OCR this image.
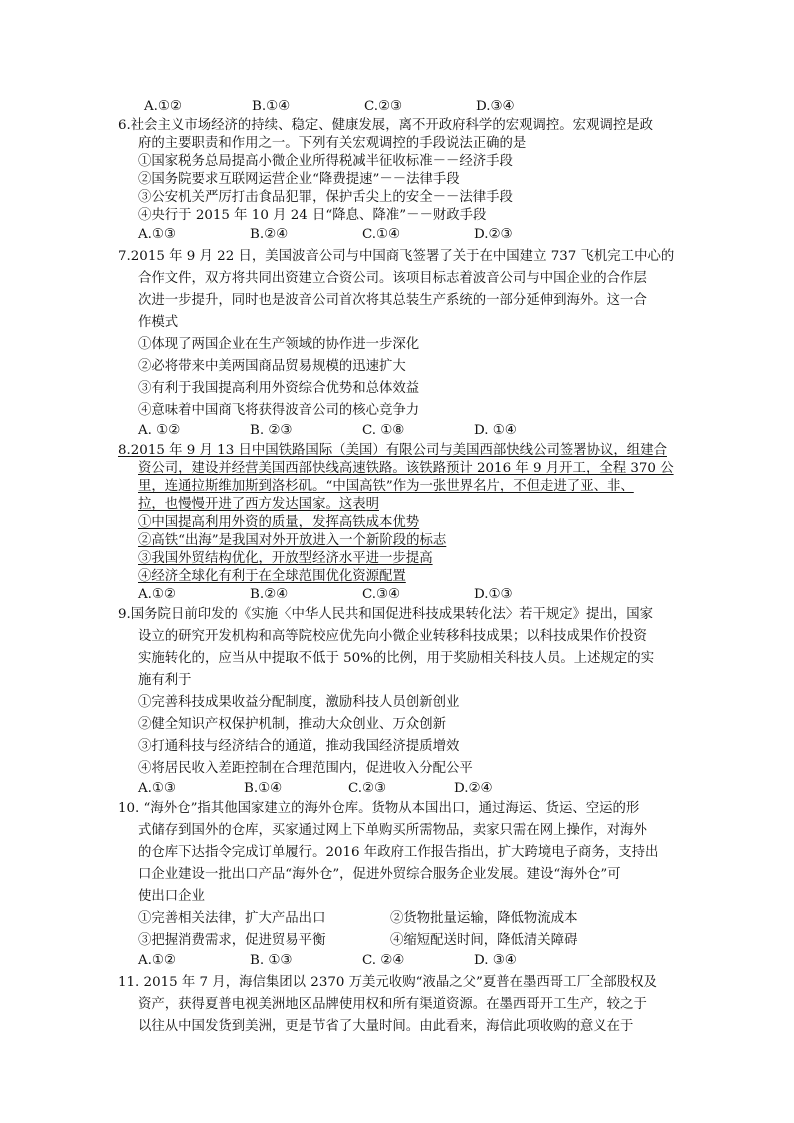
A.①②	B.①④	C.②③	D.③④
6.社会主义市场经济的持续、稳定、健康发展，离不开政府科学的宏观调控。宏观调控是政
府的主要职责和作用之一。下列有关宏观调控的手段说法正确的是
①国家税务总局提高小微企业所得税减半征收标准－－经济手段
②国务院要求互联网运营企业“降费提速”－－法律手段
③公安机关严厉打击食品犯罪，保护舌尖上的安全－－法律手段
④央行于 2015 年 10 月 24 日“降息、降准”－－财政手段
A.①③	B.②④	C.①④	D.②③
7.2015 年 9 月 22 日，美国波音公司与中国商飞签署了关于在中国建立 737 飞机完工中心的
合作文件，双方将共同出资建立合资公司。该项目标志着波音公司与中国企业的合作层
次进一步提升，同时也是波音公司首次将其总装生产系统的一部分延伸到海外。这一合
作模式
①体现了两国企业在生产领域的协作进一步深化
②必将带来中美两国商品贸易规模的迅速扩大
③有利于我国提高利用外资综合优势和总体效益
④意味着中国商飞将获得波音公司的核心竞争力
A. ①②	B. ②③	C. ①⑧	D. ①④
8.2015 年 9 月 13 日中国铁路国际（美国）有限公司与美国西部快线公司签署协议，组建合
资公司，建设并经营美国西部快线高速铁路。该铁路预计 2016 年 9 月开工，全程 370 公
里，连通拉斯维加斯到洛杉矶。“中国高铁”作为一张世界名片，不但走进了亚、非、
拉，也慢慢开进了西方发达国家。这表明
①中国提高利用外资的质量，发挥高铁成本优势
②高铁“出海”是我国对外开放进入一个新阶段的标志
③我国外贸结构优化，开放型经济水平进一步提高
④经济全球化有利于在全球范围优化资源配置
A.①②	B.②④	C.③④	D.①③
9.国务院日前印发的《实施〈中华人民共和国促进科技成果转化法〉若干规定》提出，国家
设立的研究开发机构和高等院校应优先向小微企业转移科技成果；以科技成果作价投资
实施转化的，应当从中提取不低于 50%的比例，用于奖励相关科技人员。上述规定的实
施有利于
①完善科技成果收益分配制度，激励科技人员创新创业
②健全知识产权保护机制，推动大众创业、万众创新
③打通科技与经济结合的通道，推动我国经济提质增效
④将居民收入差距控制在合理范围内，促进收入分配公平
A.①③	B.①④	C.②③	D.②④
10. “海外仓”指其他国家建立的海外仓库。货物从本国出口，通过海运、货运、空运的形
式储存到国外的仓库，买家通过网上下单购买所需物品，卖家只需在网上操作，对海外
的仓库下达指令完成订单履行。2016 年政府工作报告指出，扩大跨境电子商务，支持出
口企业建设一批出口产品“海外仓”，促进外贸综合服务企业发展。建设“海外仓”可
使出口企业
①完善相关法律，扩大产品出口	②货物批量运输，降低物流成本
③把握消费需求，促进贸易平衡	④缩短配送时间，降低清关障碍
A.①②	B. ①③	C. ②④	D. ③④
11. 2015 年 7 月，海信集团以 2370 万美元收购“液晶之父”夏普在墨西哥工厂全部股权及
资产，获得夏普电视美洲地区品牌使用权和所有渠道资源。在墨西哥开工生产，较之于
以往从中国发货到美洲，更是节省了大量时间。由此看来，海信此项收购的意义在于
